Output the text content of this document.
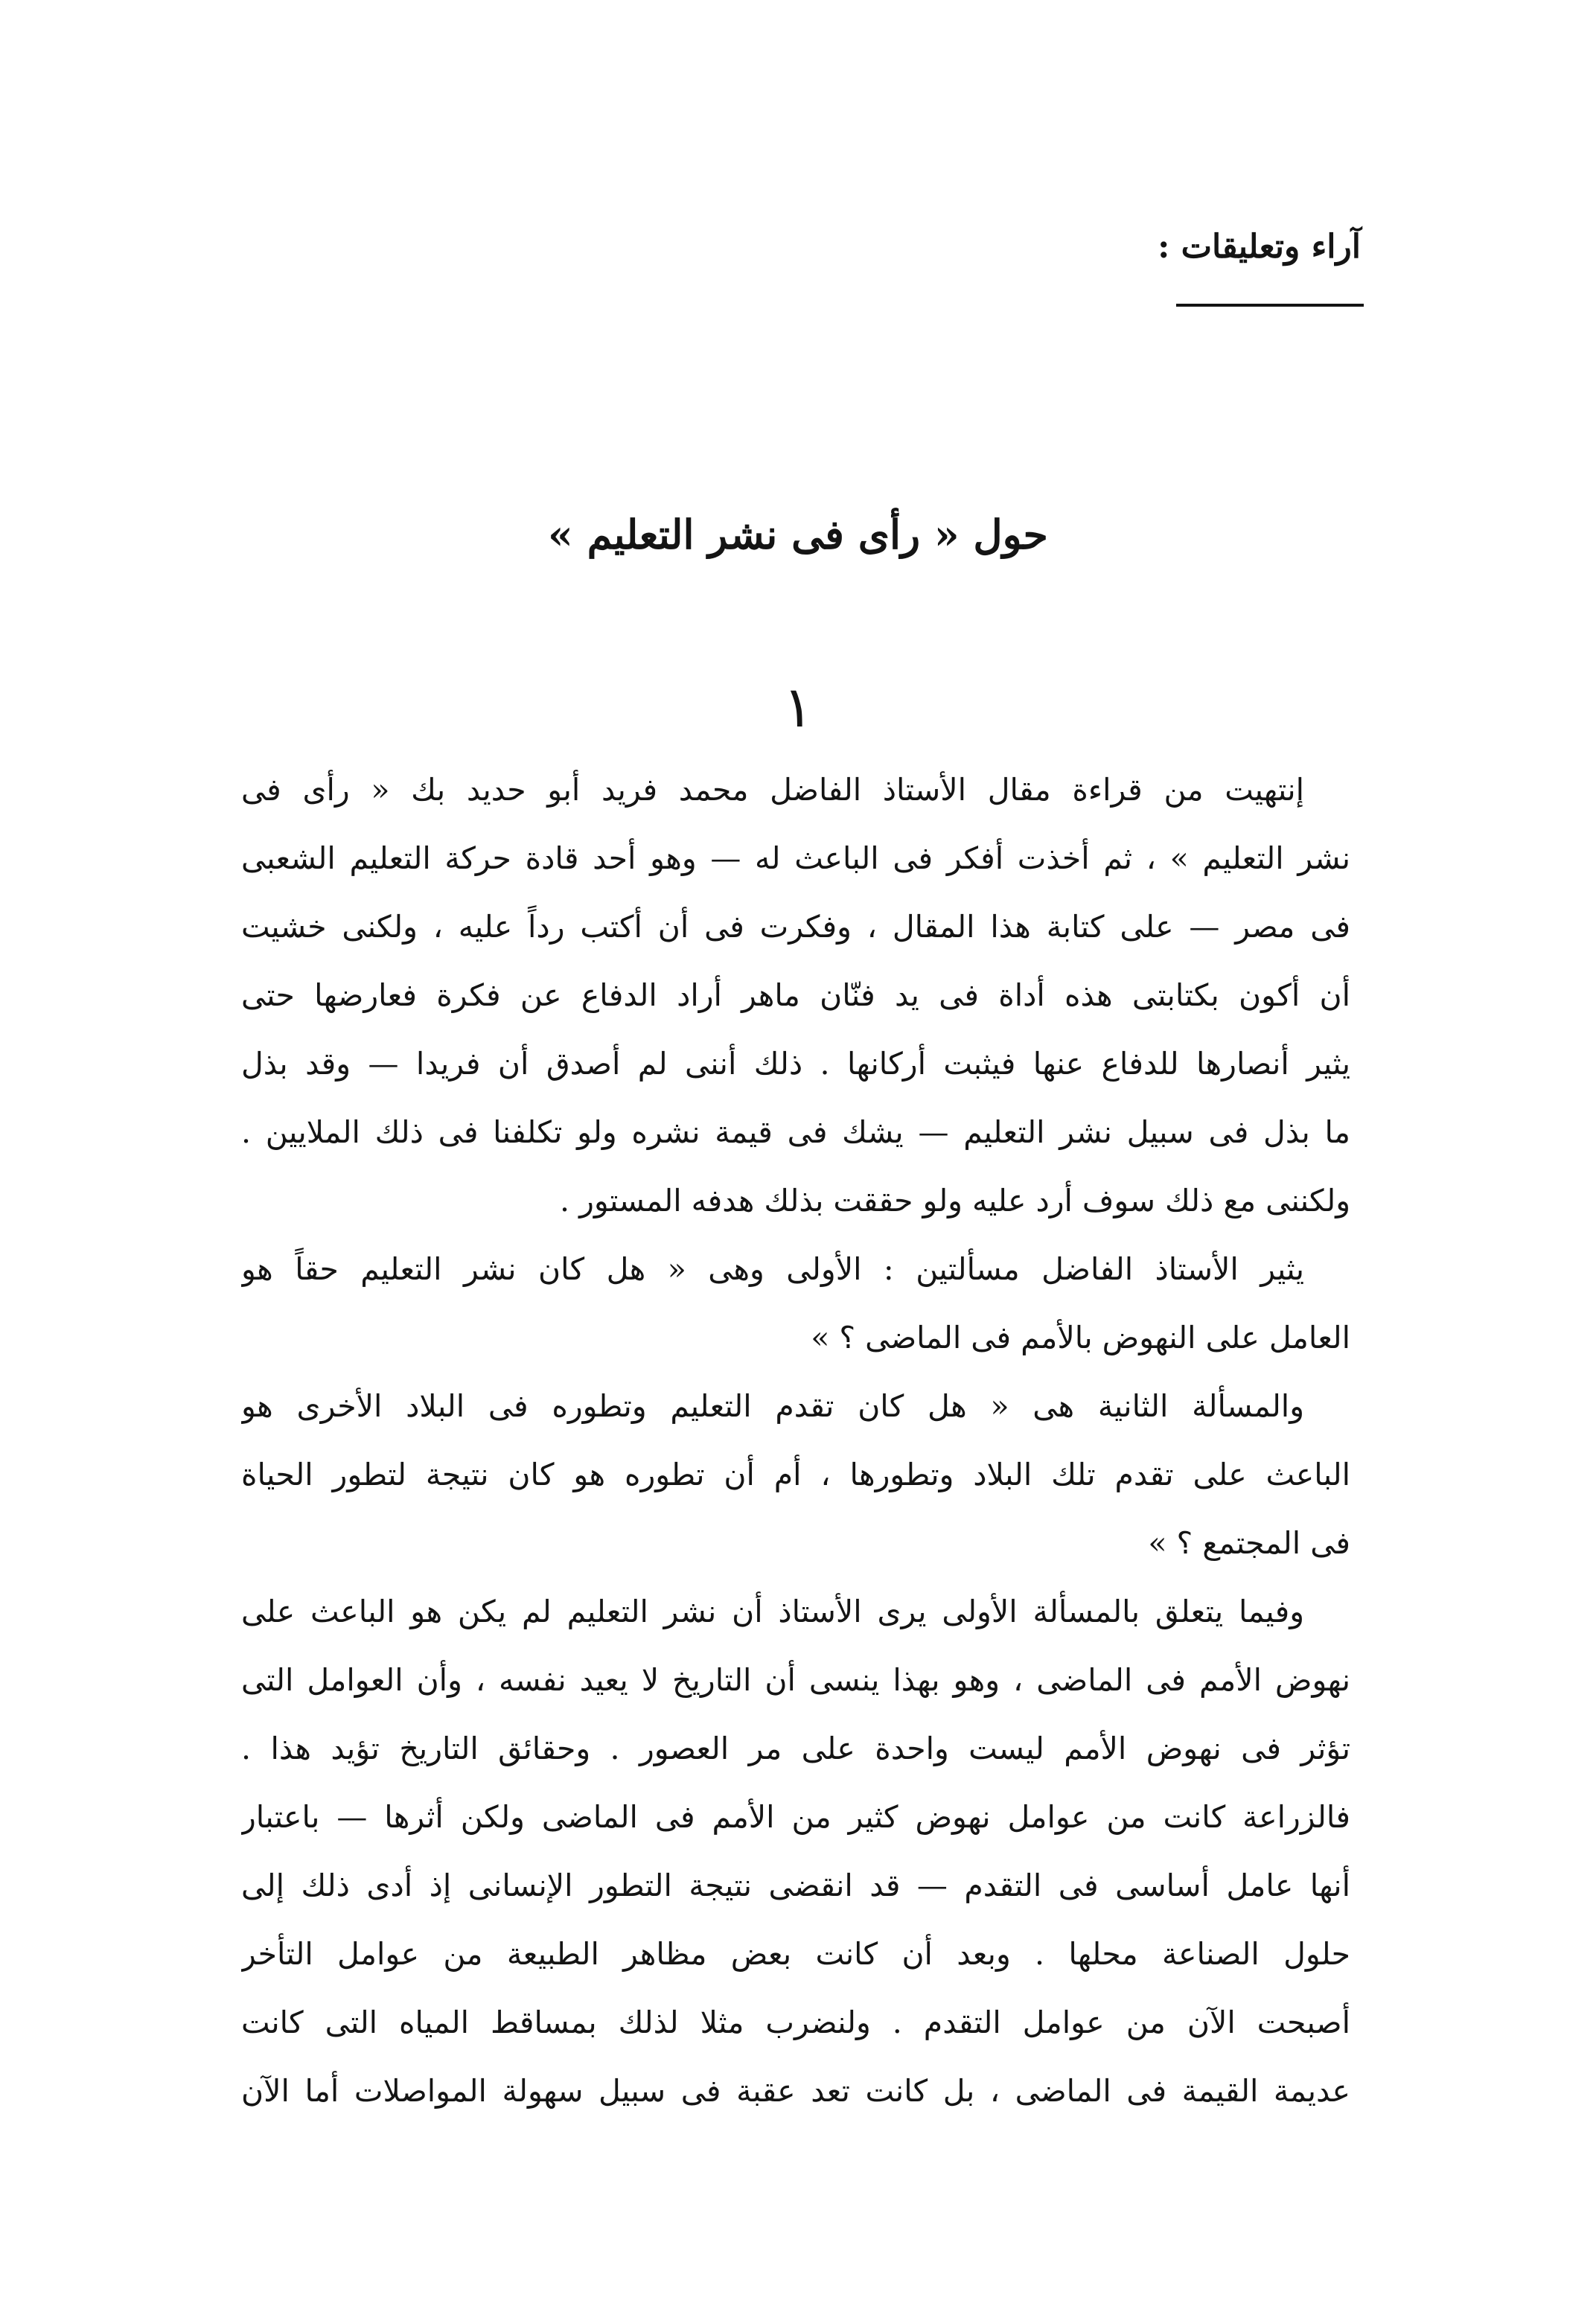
آراء وتعليقات :
حول « رأى فى نشر التعليم »
١
إنتهيت من قراءة مقال الأستاذ الفاضل محمد فريد أبو حديد بك « رأى فى
نشر التعليم » ، ثم أخذت أفكر فى الباعث له — وهو أحد قادة حركة التعليم الشعبى
فى مصر — على كتابة هذا المقال ، وفكرت فى أن أكتب رداً عليه ، ولكنى خشيت
أن أكون بكتابتى هذه أداة فى يد فنّان ماهر أراد الدفاع عن فكرة فعارضها حتى
يثير أنصارها للدفاع عنها فيثبت أركانها . ذلك أننى لم أصدق أن فريدا — وقد بذل
ما بذل فى سبيل نشر التعليم — يشك فى قيمة نشره ولو تكلفنا فى ذلك الملايين .
ولكننى مع ذلك سوف أرد عليه ولو حققت بذلك هدفه المستور .
يثير الأستاذ الفاضل مسألتين : الأولى وهى « هل كان نشر التعليم حقاً هو
العامل على النهوض بالأمم فى الماضى ؟ »
والمسألة الثانية هى « هل كان تقدم التعليم وتطوره فى البلاد الأخرى هو
الباعث على تقدم تلك البلاد وتطورها ، أم أن تطوره هو كان نتيجة لتطور الحياة
فى المجتمع ؟ »
وفيما يتعلق بالمسألة الأولى يرى الأستاذ أن نشر التعليم لم يكن هو الباعث على
نهوض الأمم فى الماضى ، وهو بهذا ينسى أن التاريخ لا يعيد نفسه ، وأن العوامل التى
تؤثر فى نهوض الأمم ليست واحدة على مر العصور . وحقائق التاريخ تؤيد هذا .
فالزراعة كانت من عوامل نهوض كثير من الأمم فى الماضى ولكن أثرها — باعتبار
أنها عامل أساسى فى التقدم — قد انقضى نتيجة التطور الإنسانى إذ أدى ذلك إلى
حلول الصناعة محلها . وبعد أن كانت بعض مظاهر الطبيعة من عوامل التأخر
أصبحت الآن من عوامل التقدم . ولنضرب مثلا لذلك بمساقط المياه التى كانت
عديمة القيمة فى الماضى ، بل كانت تعد عقبة فى سبيل سهولة المواصلات أما الآن
